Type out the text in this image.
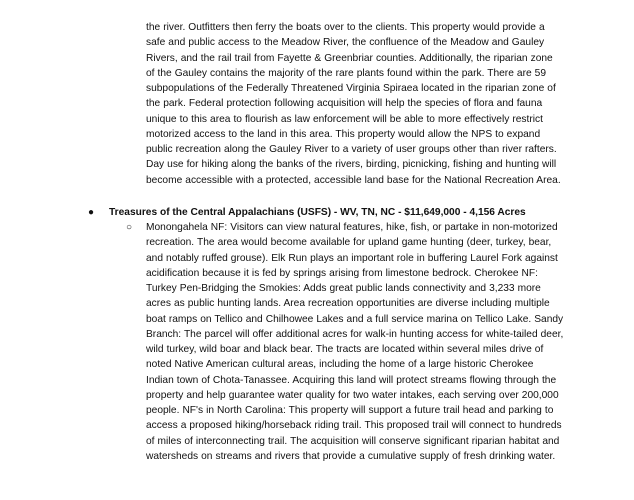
the river. Outfitters then ferry the boats over to the clients. This property would provide a safe and public access to the Meadow River, the confluence of the Meadow and Gauley Rivers, and the rail trail from Fayette & Greenbriar counties. Additionally, the riparian zone of the Gauley contains the majority of the rare plants found within the park. There are 59 subpopulations of the Federally Threatened Virginia Spiraea located in the riparian zone of the park. Federal protection following acquisition will help the species of flora and fauna unique to this area to flourish as law enforcement will be able to more effectively restrict motorized access to the land in this area. This property would allow the NPS to expand public recreation along the Gauley River to a variety of user groups other than river rafters. Day use for hiking along the banks of the rivers, birding, picnicking, fishing and hunting will become accessible with a protected, accessible land base for the National Recreation Area.

● Treasures of the Central Appalachians (USFS) - WV, TN, NC - $11,649,000 - 4,156 Acres
○ Monongahela NF: Visitors can view natural features, hike, fish, or partake in non-motorized recreation. The area would become available for upland game hunting (deer, turkey, bear, and notably ruffed grouse). Elk Run plays an important role in buffering Laurel Fork against acidification because it is fed by springs arising from limestone bedrock. Cherokee NF: Turkey Pen-Bridging the Smokies: Adds great public lands connectivity and 3,233 more acres as public hunting lands. Area recreation opportunities are diverse including multiple boat ramps on Tellico and Chilhowee Lakes and a full service marina on Tellico Lake. Sandy Branch: The parcel will offer additional acres for walk-in hunting access for white-tailed deer, wild turkey, wild boar and black bear. The tracts are located within several miles drive of noted Native American cultural areas, including the home of a large historic Cherokee Indian town of Chota-Tanassee. Acquiring this land will protect streams flowing through the property and help guarantee water quality for two water intakes, each serving over 200,000 people. NF's in North Carolina: This property will support a future trail head and parking to access a proposed hiking/horseback riding trail. This proposed trail will connect to hundreds of miles of interconnecting trail. The acquisition will conserve significant riparian habitat and watersheds on streams and rivers that provide a cumulative supply of fresh drinking water.
